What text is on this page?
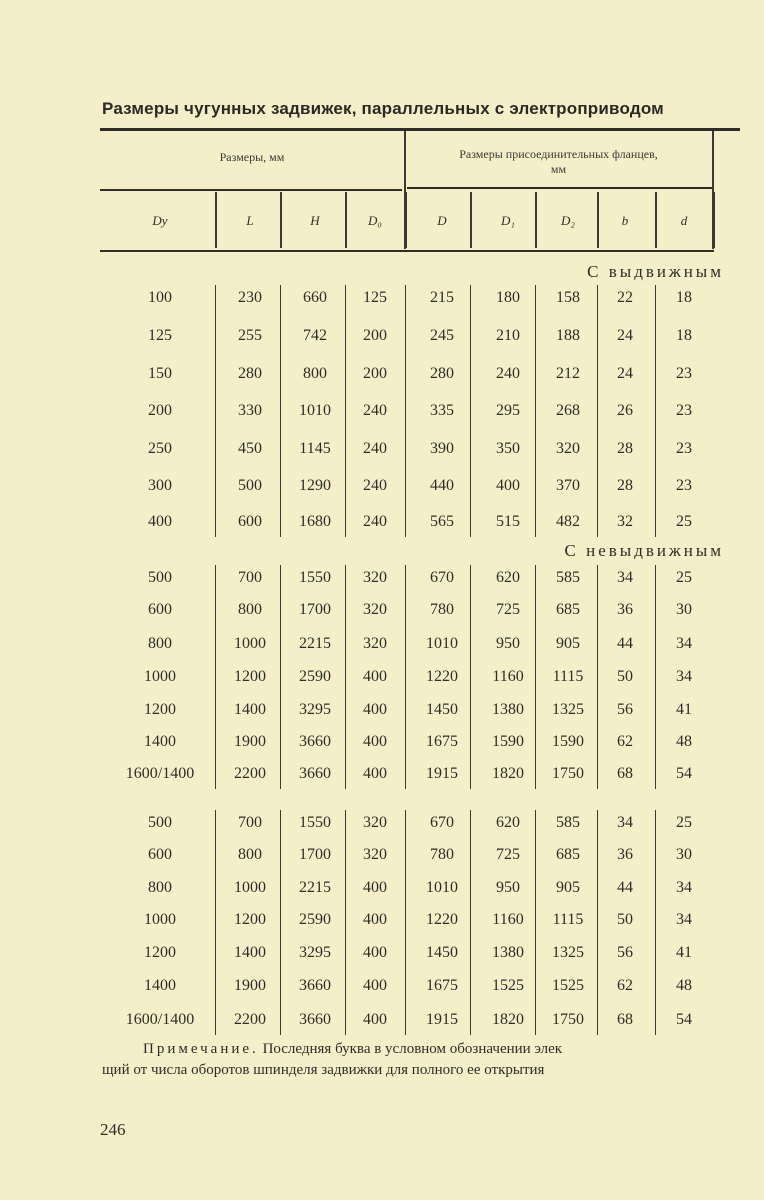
Размеры чугунных задвижек, параллельных с электроприводом
Размеры, мм	Размеры присоединительных фланцев,
мм
Dу	L	H	D₀	D	D₁	D₂	b	d
С выдвижным
100	230	660	125	215	180	158	22	18
125	255	742	200	245	210	188	24	18
150	280	800	200	280	240	212	24	23
200	330	1010	240	335	295	268	26	23
250	450	1145	240	390	350	320	28	23
300	500	1290	240	440	400	370	28	23
400	600	1680	240	565	515	482	32	25
С невыдвижным
500	700	1550	320	670	620	585	34	25
600	800	1700	320	780	725	685	36	30
800	1000	2215	320	1010	950	905	44	34
1000	1200	2590	400	1220	1160	1115	50	34
1200	1400	3295	400	1450	1380	1325	56	41
1400	1900	3660	400	1675	1590	1590	62	48
1600/1400	2200	3660	400	1915	1820	1750	68	54
500	700	1550	320	670	620	585	34	25
600	800	1700	320	780	725	685	36	30
800	1000	2215	400	1010	950	905	44	34
1000	1200	2590	400	1220	1160	1115	50	34
1200	1400	3295	400	1450	1380	1325	56	41
1400	1900	3660	400	1675	1525	1525	62	48
1600/1400	2200	3660	400	1915	1820	1750	68	54
Примечание. Последняя буква в условном обозначении элек
щий от числа оборотов шпинделя задвижки для полного ее открытия
246
